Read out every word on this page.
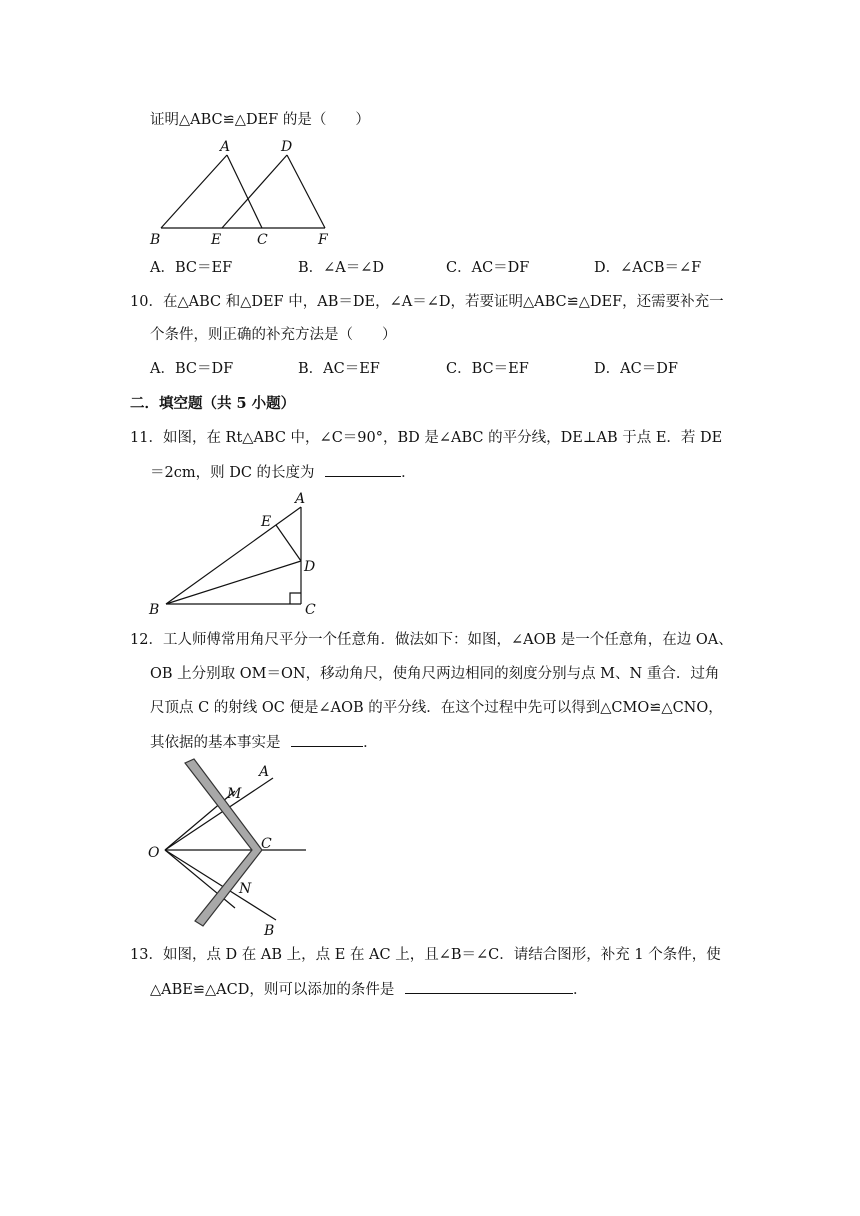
证明△ABC≌△DEF 的是（　　）
A	D
B	E	C	F
A．BC＝EF	B．∠A＝∠D	C．AC＝DF	D．∠ACB＝∠F
10．在△ABC 和△DEF 中，AB＝DE，∠A＝∠D，若要证明△ABC≌△DEF，还需要补充一
个条件，则正确的补充方法是（　　）
A．BC＝DF	B．AC＝EF	C．BC＝EF	D．AC＝DF
二．填空题（共 5 小题）
11．如图，在 Rt△ABC 中，∠C＝90°，BD 是∠ABC 的平分线，DE⊥AB 于点 E．若 DE
＝2cm，则 DC 的长度为	．
A
E
D
B	C
12．工人师傅常用角尺平分一个任意角．做法如下：如图，∠AOB 是一个任意角，在边 OA、
OB 上分别取 OM＝ON，移动角尺，使角尺两边相同的刻度分别与点 M、N 重合．过角
尺顶点 C 的射线 OC 便是∠AOB 的平分线．在这个过程中先可以得到△CMO≌△CNO，
其依据的基本事实是	．
A
M
O
C
N
B
13．如图，点 D 在 AB 上，点 E 在 AC 上，且∠B＝∠C．请结合图形，补充 1 个条件，使
△ABE≌△ACD，则可以添加的条件是	．
